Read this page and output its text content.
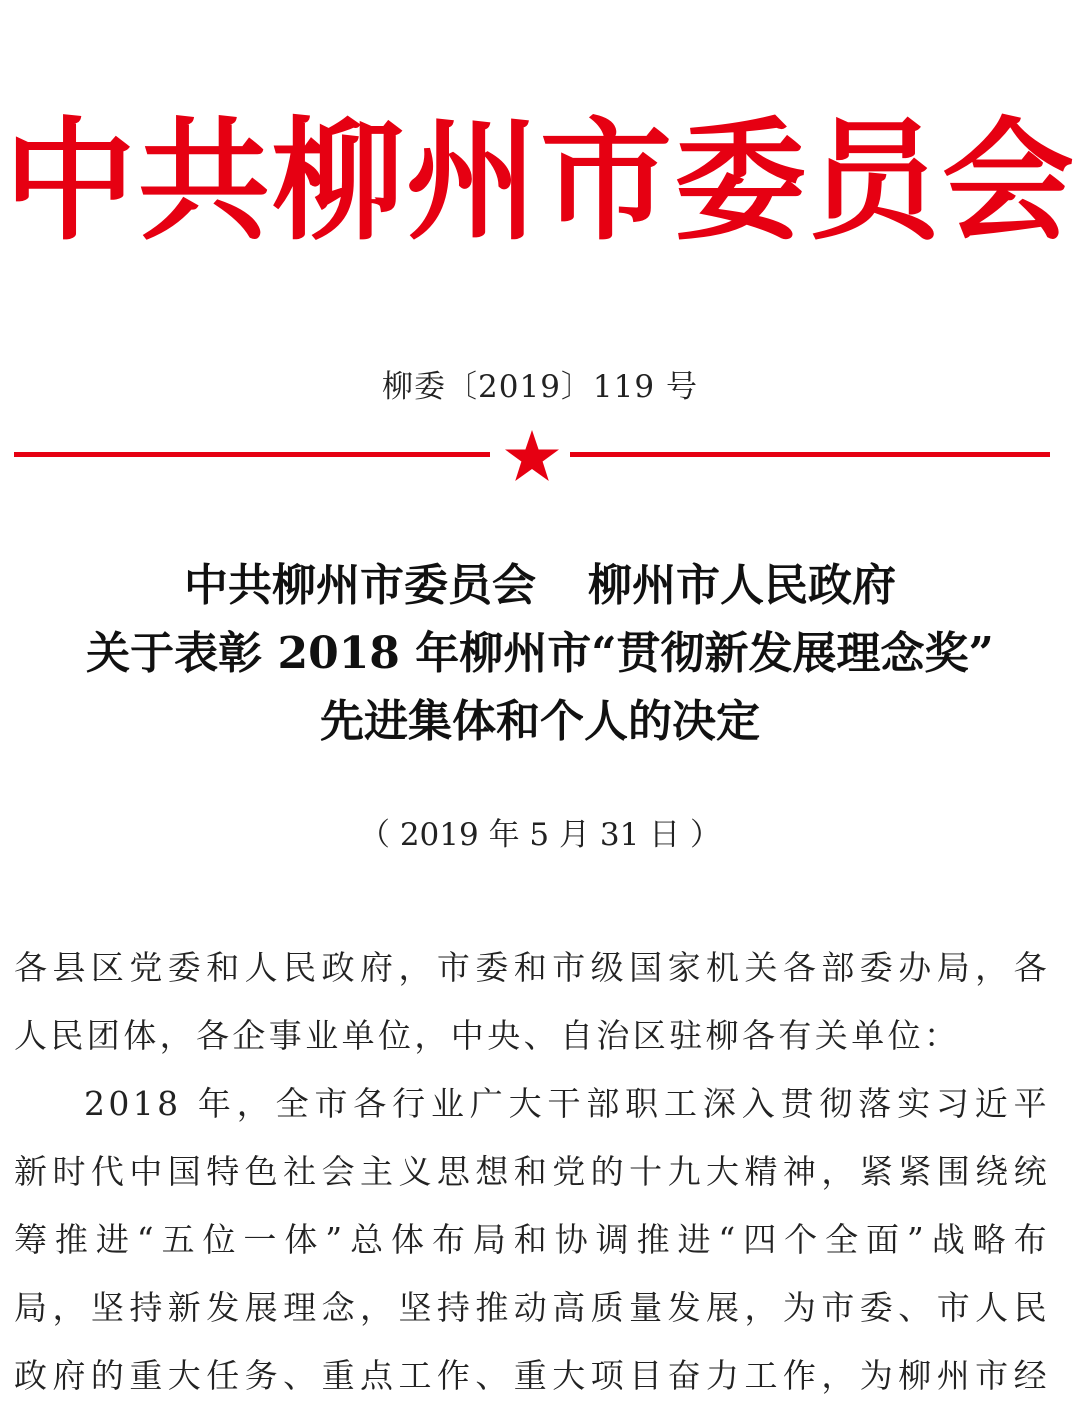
中共柳州市委员会
柳委〔2019〕119 号
中共柳州市委员会 柳州市人民政府
关于表彰 2018 年柳州市“贯彻新发展理念奖”
先进集体和个人的决定
（ 2019 年 5 月 31 日 ）
各县区党委和人民政府，市委和市级国家机关各部委办局，各
人民团体，各企事业单位，中央、自治区驻柳各有关单位：
2018 年，全市各行业广大干部职工深入贯彻落实习近平
新时代中国特色社会主义思想和党的十九大精神，紧紧围绕统
筹推进“五位一体”总体布局和协调推进“四个全面”战略布
局，坚持新发展理念，坚持推动高质量发展，为市委、市人民
政府的重大任务、重点工作、重大项目奋力工作，为柳州市经
